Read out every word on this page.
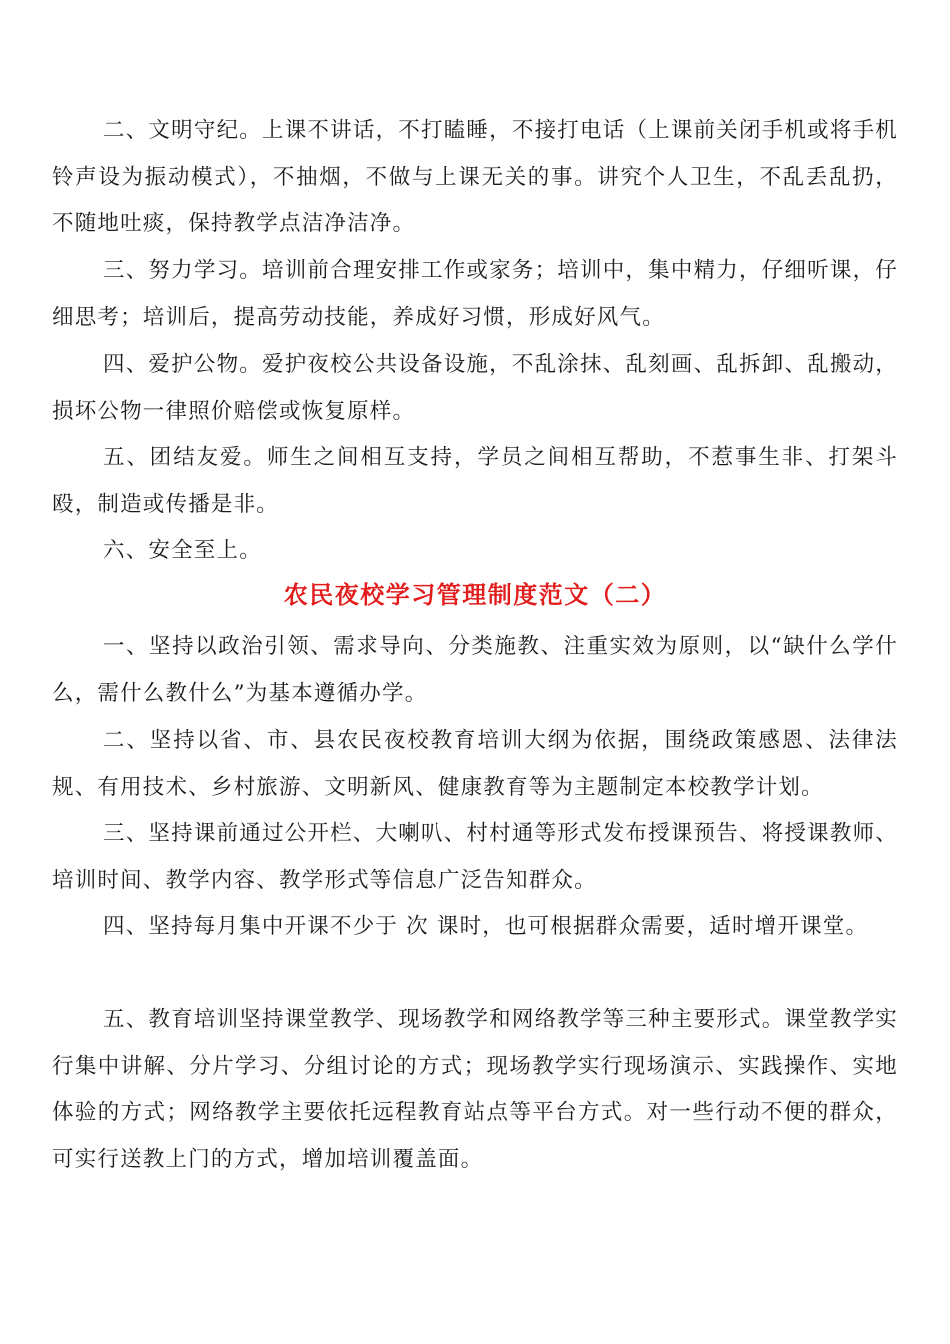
二、文明守纪。上课不讲话，不打瞌睡，不接打电话（上课前关闭手机或将手机铃声设为振动模式），不抽烟，不做与上课无关的事。讲究个人卫生，不乱丢乱扔，不随地吐痰，保持教学点洁净洁净。

三、努力学习。培训前合理安排工作或家务；培训中，集中精力，仔细听课，仔细思考；培训后，提高劳动技能，养成好习惯，形成好风气。

四、爱护公物。爱护夜校公共设备设施，不乱涂抹、乱刻画、乱拆卸、乱搬动，损坏公物一律照价赔偿或恢复原样。

五、团结友爱。师生之间相互支持，学员之间相互帮助，不惹事生非、打架斗殴，制造或传播是非。

六、安全至上。

农民夜校学习管理制度范文（二）

一、坚持以政治引领、需求导向、分类施教、注重实效为原则，以“缺什么学什么，需什么教什么”为基本遵循办学。

二、坚持以省、市、县农民夜校教育培训大纲为依据，围绕政策感恩、法律法规、有用技术、乡村旅游、文明新风、健康教育等为主题制定本校教学计划。

三、坚持课前通过公开栏、大喇叭、村村通等形式发布授课预告、将授课教师、培训时间、教学内容、教学形式等信息广泛告知群众。

四、坚持每月集中开课不少于 次 课时，也可根据群众需要，适时增开课堂。

五、教育培训坚持课堂教学、现场教学和网络教学等三种主要形式。课堂教学实行集中讲解、分片学习、分组讨论的方式；现场教学实行现场演示、实践操作、实地体验的方式；网络教学主要依托远程教育站点等平台方式。对一些行动不便的群众，可实行送教上门的方式，增加培训覆盖面。
